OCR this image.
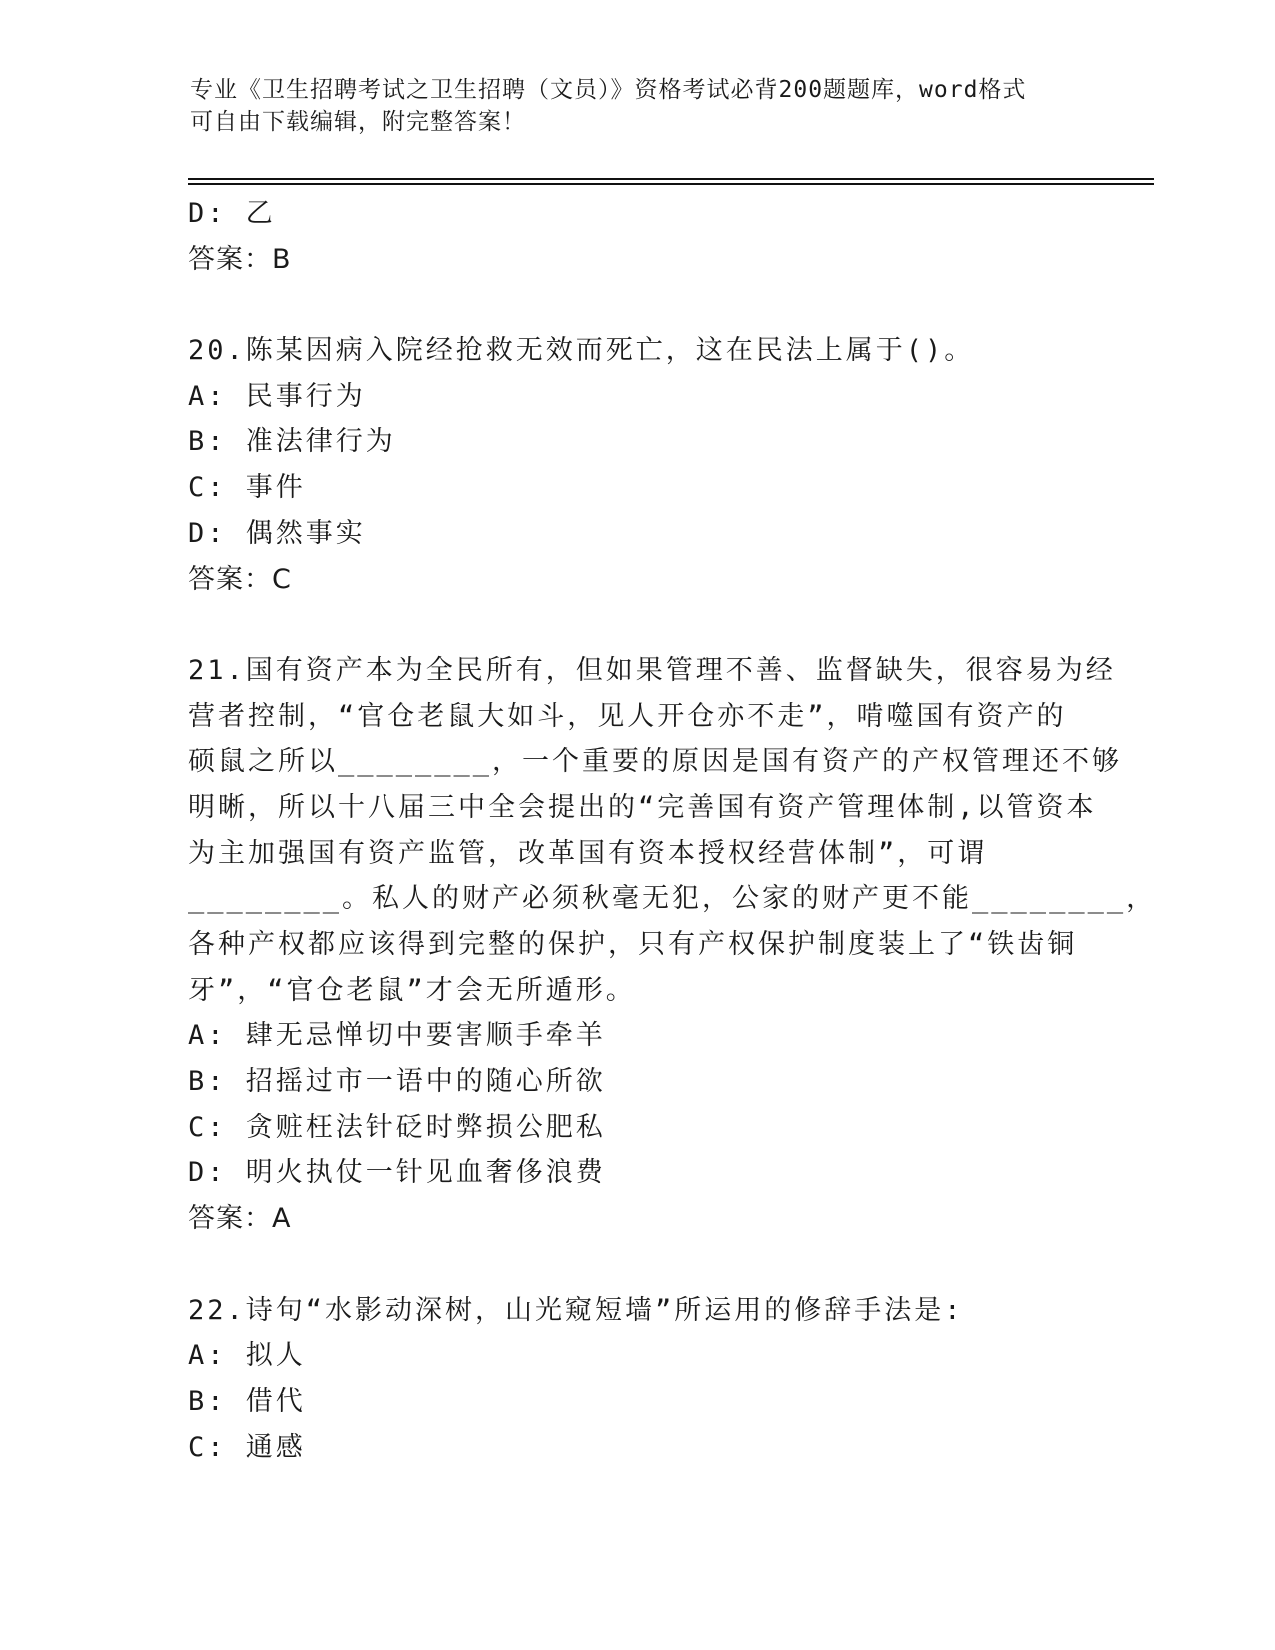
专业《卫生招聘考试之卫生招聘（文员）》资格考试必背200题题库，word格式
可自由下载编辑，附完整答案！
D: 乙
答案：B
20.陈某因病入院经抢救无效而死亡，这在民法上属于()。
A: 民事行为
B: 准法律行为
C: 事件
D: 偶然事实
答案：C
21.国有资产本为全民所有，但如果管理不善、监督缺失，很容易为经
营者控制，“官仓老鼠大如斗，见人开仓亦不走”，啃噬国有资产的
硕鼠之所以________，一个重要的原因是国有资产的产权管理还不够
明晰，所以十八届三中全会提出的“完善国有资产管理体制,以管资本
为主加强国有资产监管，改革国有资本授权经营体制”，可谓
________。私人的财产必须秋毫无犯，公家的财产更不能________，
各种产权都应该得到完整的保护，只有产权保护制度装上了“铁齿铜
牙”，“官仓老鼠”才会无所遁形。
A: 肆无忌惮切中要害顺手牵羊
B: 招摇过市一语中的随心所欲
C: 贪赃枉法针砭时弊损公肥私
D: 明火执仗一针见血奢侈浪费
答案：A
22.诗句“水影动深树，山光窥短墙”所运用的修辞手法是:
A: 拟人
B: 借代
C: 通感
